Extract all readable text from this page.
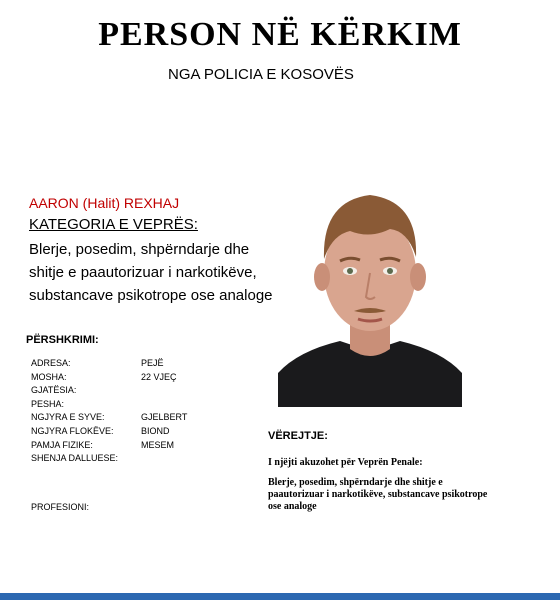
PERSON NË KËRKIM

NGA POLICIA E KOSOVËS

AARON (Halit) REXHAJ

KATEGORIA E VEPRËS:

Blerje, posedim, shpërndarje dhe shitje e paautorizuar i narkotikëve, substancave psikotrope ose analoge

PËRSHKRIMI:

ADRESA:	PEJË
MOSHA:	22 VJEÇ
GJATËSIA:	
PESHA:	
NGJYRA E SYVE:	GJELBERT
NGJYRA FLOKËVE:	BIOND
PAMJA FIZIKE:	MESEM
SHENJA DALLUESE:	

PROFESIONI:

VËREJTJE:

I njëjti akuzohet për Veprën Penale:

Blerje, posedim, shpërndarje dhe shitje e paautorizuar i narkotikëve, substancave psikotrope ose analoge
